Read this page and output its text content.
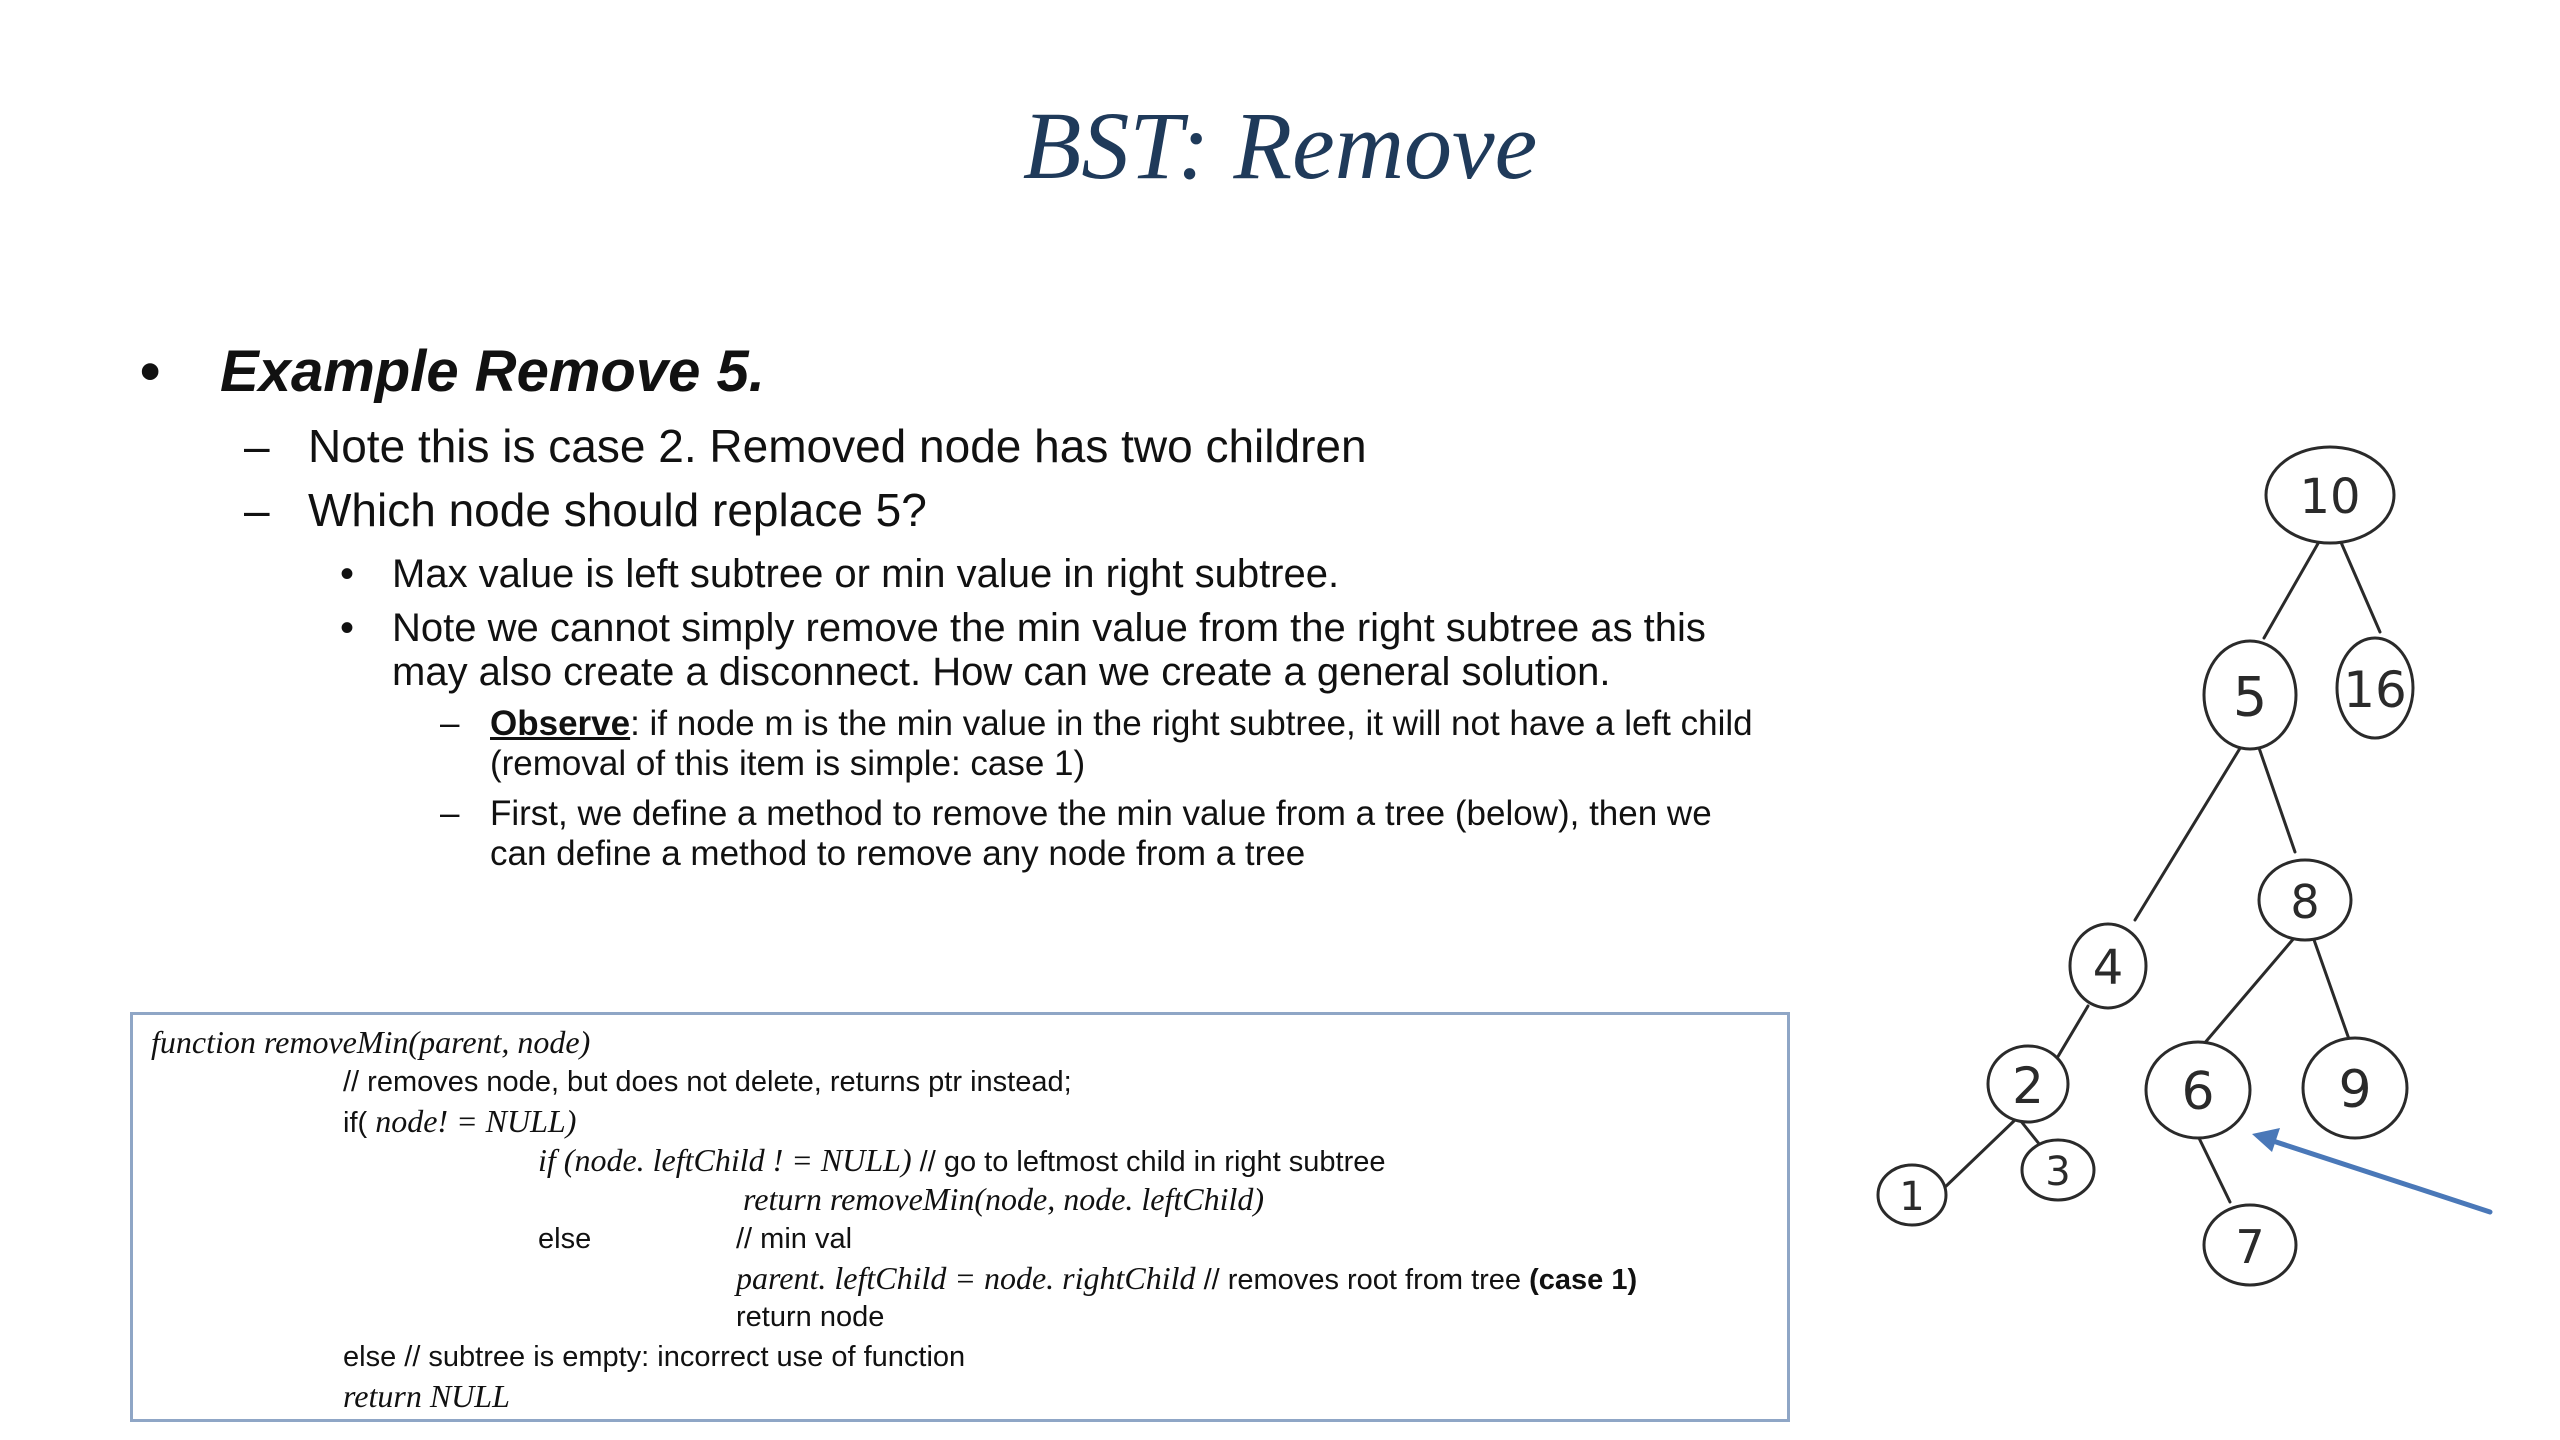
BST: Remove
• Example Remove 5.
– Note this is case 2. Removed node has two children
– Which node should replace 5?
• Max value is left subtree or min value in right subtree.
• Note we cannot simply remove the min value from the right subtree as this may also create a disconnect. How can we create a general solution.
– Observe: if node m is the min value in the right subtree, it will not have a left child (removal of this item is simple: case 1)
– First, we define a method to remove the min value from a tree (below), then we can define a method to remove any node from a tree
function removeMin(parent, node)
// removes node, but does not delete, returns ptr instead;
if( node! = NULL)
if (node. leftChild ! = NULL) // go to leftmost child in right subtree
return removeMin(node, node. leftChild)
else	// min val
parent. leftChild = node. rightChild // removes root from tree (case 1)
return node
else // subtree is empty: incorrect use of function
return NULL
10
5 16
4
8
2	6 9
1
3
7
